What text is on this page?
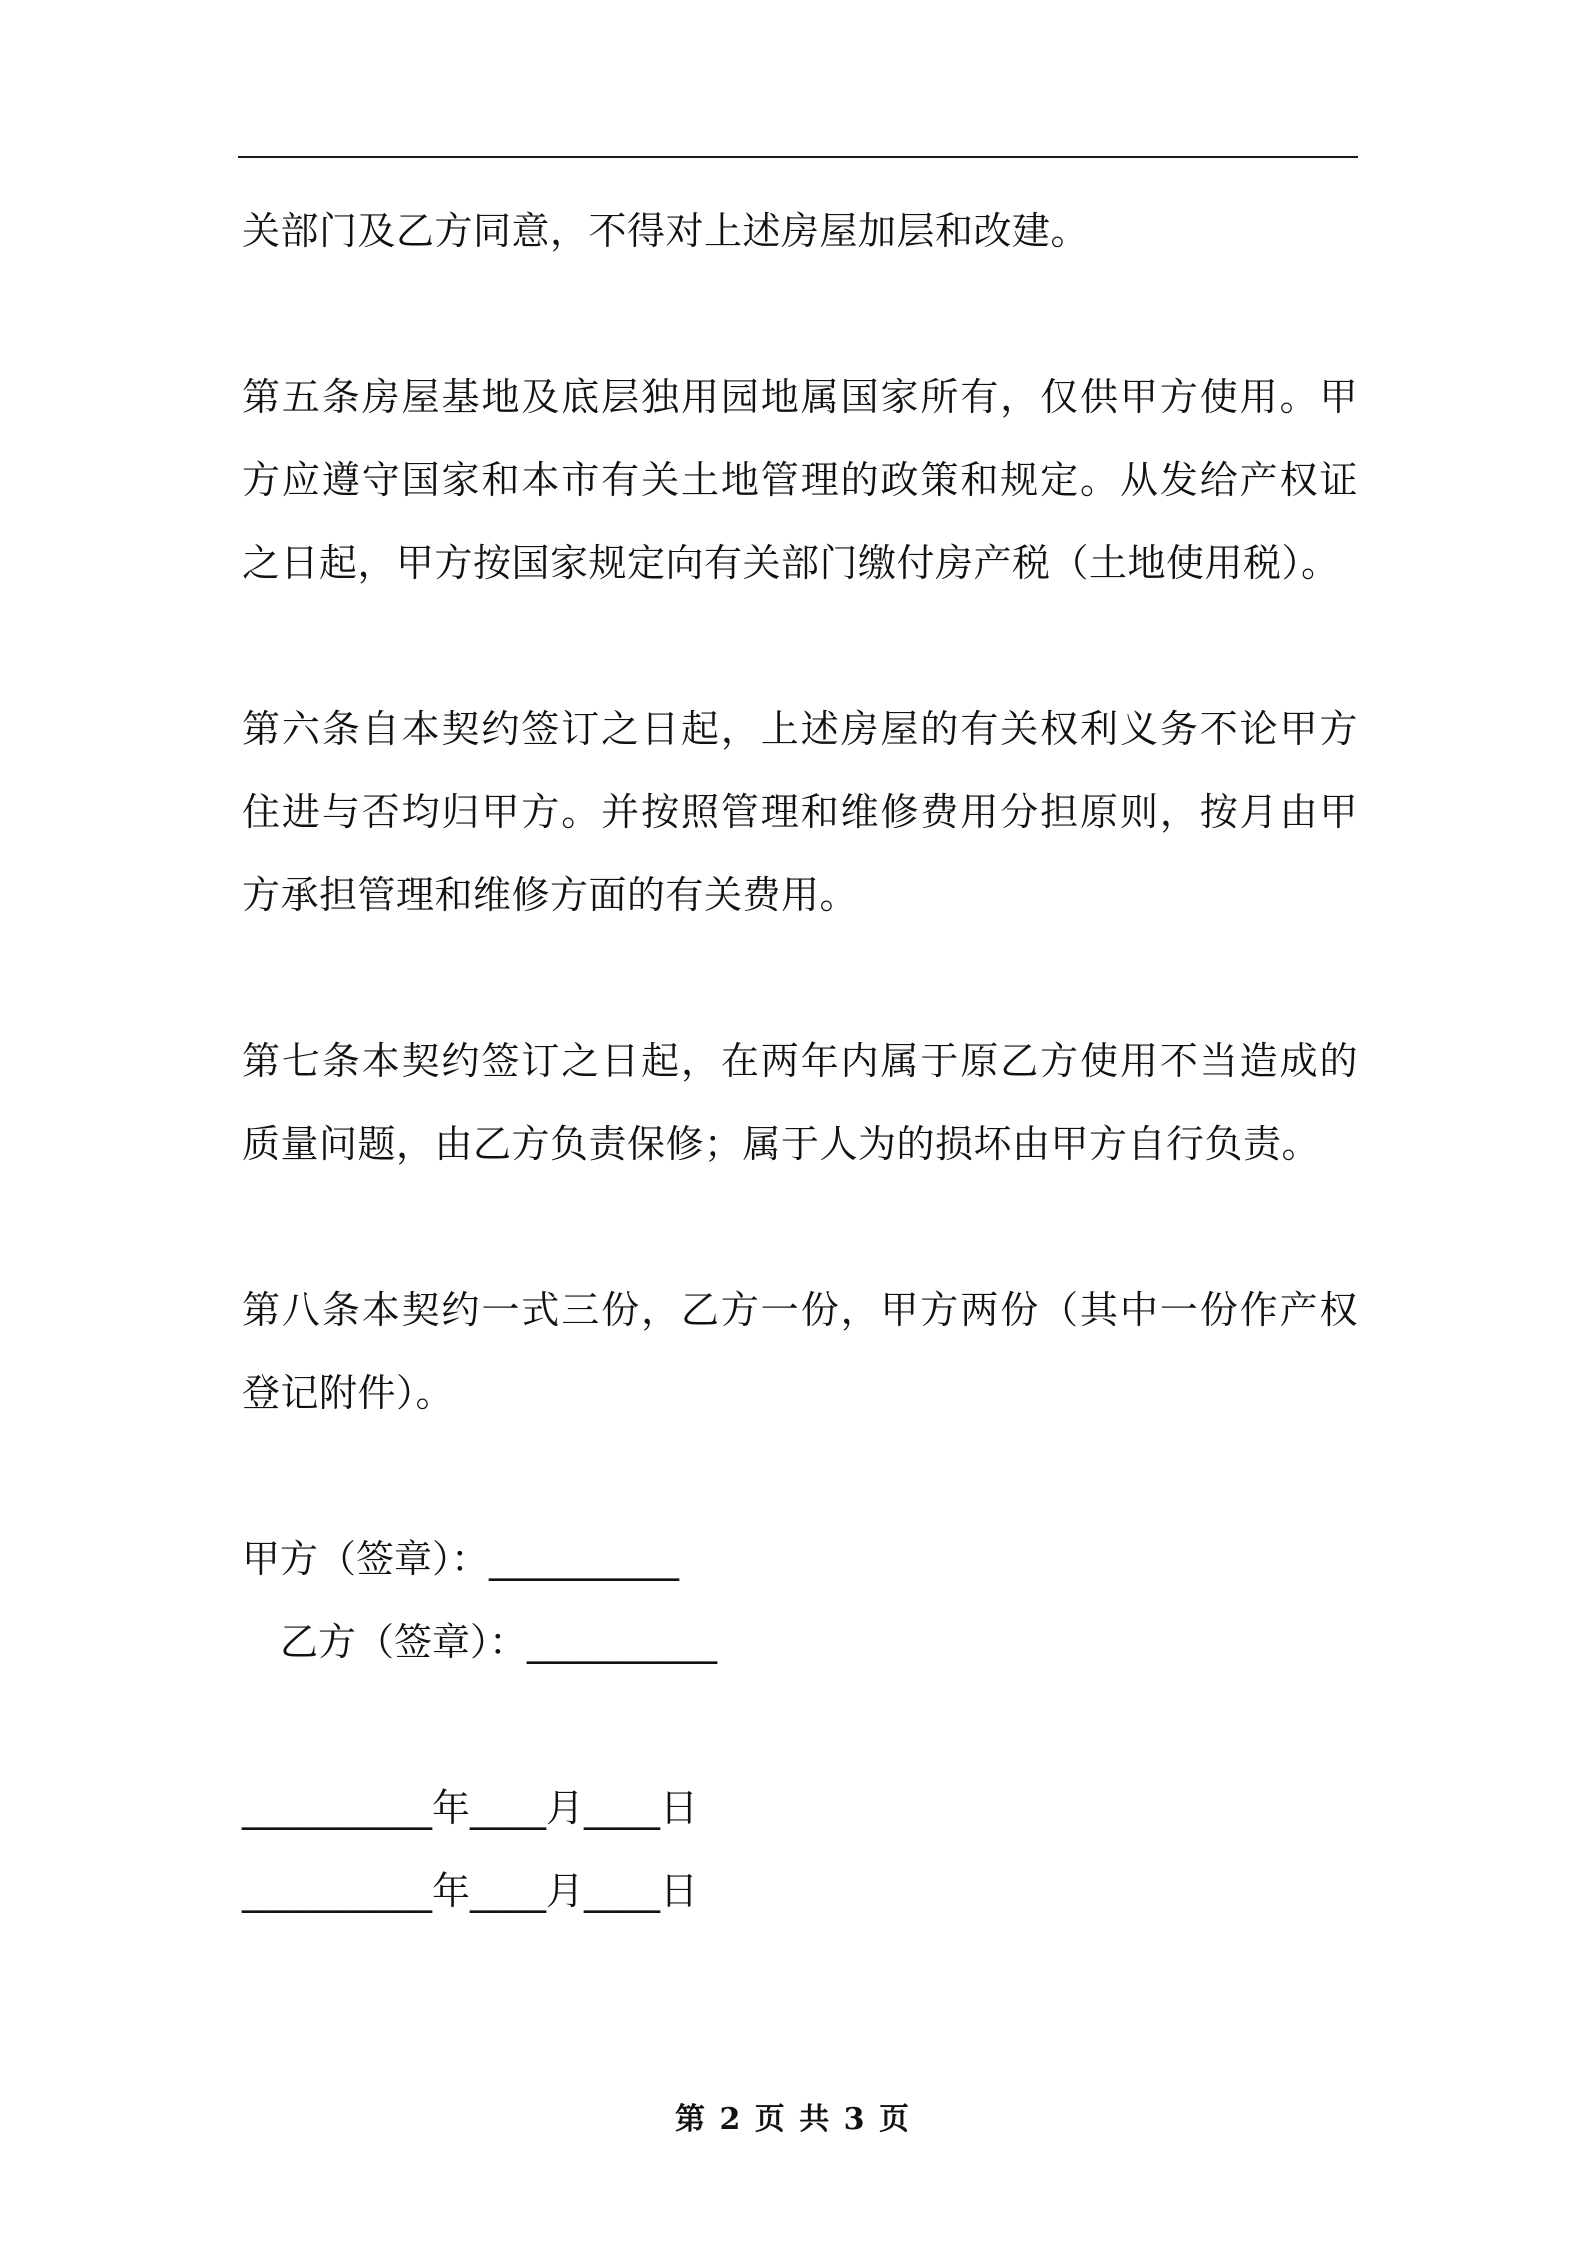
关部门及乙方同意，不得对上述房屋加层和改建。

第五条房屋基地及底层独用园地属国家所有，仅供甲方使用。甲方应遵守国家和本市有关土地管理的政策和规定。从发给产权证之日起，甲方按国家规定向有关部门缴付房产税（土地使用税）。

第六条自本契约签订之日起，上述房屋的有关权利义务不论甲方住进与否均归甲方。并按照管理和维修费用分担原则，按月由甲方承担管理和维修方面的有关费用。

第七条本契约签订之日起，在两年内属于原乙方使用不当造成的质量问题，由乙方负责保修；属于人为的损坏由甲方自行负责。

第八条本契约一式三份，乙方一份，甲方两份（其中一份作产权登记附件）。

甲方（签章）：__________

乙方（签章）：__________

__________年____月____日

__________年____月____日

第 2 页 共 3 页
